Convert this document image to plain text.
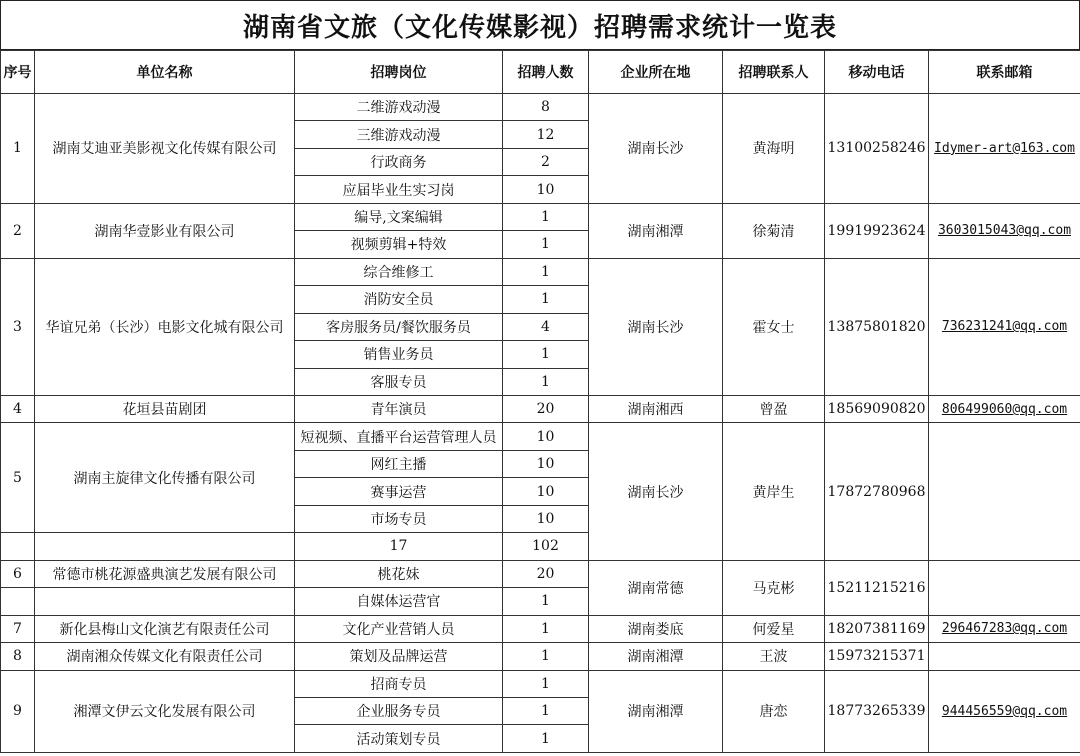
湖南省文旅（文化传媒影视）招聘需求统计一览表
序号	单位名称	招聘岗位	招聘人数	企业所在地	招聘联系人	移动电话	联系邮箱
1	湖南艾迪亚美影视文化传媒有限公司	二维游戏动漫	8	湖南长沙	黄海明	13100258246	Idymer-art@163.com
		三维游戏动漫	12				
		行政商务	2				
		应届毕业生实习岗	10				
2	湖南华壹影业有限公司	编导,文案编辑	1	湖南湘潭	徐菊清	19919923624	3603015043@qq.com
		视频剪辑+特效	1				
3	华谊兄弟（长沙）电影文化城有限公司	综合维修工	1	湖南长沙	霍女士	13875801820	736231241@qq.com
		消防安全员	1				
		客房服务员/餐饮服务员	4				
		销售业务员	1				
		客服专员	1				
4	花垣县苗剧团	青年演员	20	湖南湘西	曾盈	18569090820	806499060@qq.com
5	湖南主旋律文化传播有限公司	短视频、直播平台运营管理人员	10	湖南长沙	黄岸生	17872780968	
		网红主播	10				
		赛事运营	10				
		市场专员	10				
		17	102				
6	常德市桃花源盛典演艺发展有限公司	桃花妹	20	湖南常德	马克彬	15211215216	
		自媒体运营官	1				
7	新化县梅山文化演艺有限责任公司	文化产业营销人员	1	湖南娄底	何爱星	18207381169	296467283@qq.com
8	湖南湘众传媒文化有限责任公司	策划及品牌运营	1	湖南湘潭	王波	15973215371	
9	湘潭文伊云文化发展有限公司	招商专员	1	湖南湘潭	唐恋	18773265339	944456559@qq.com
		企业服务专员	1				
		活动策划专员	1				
